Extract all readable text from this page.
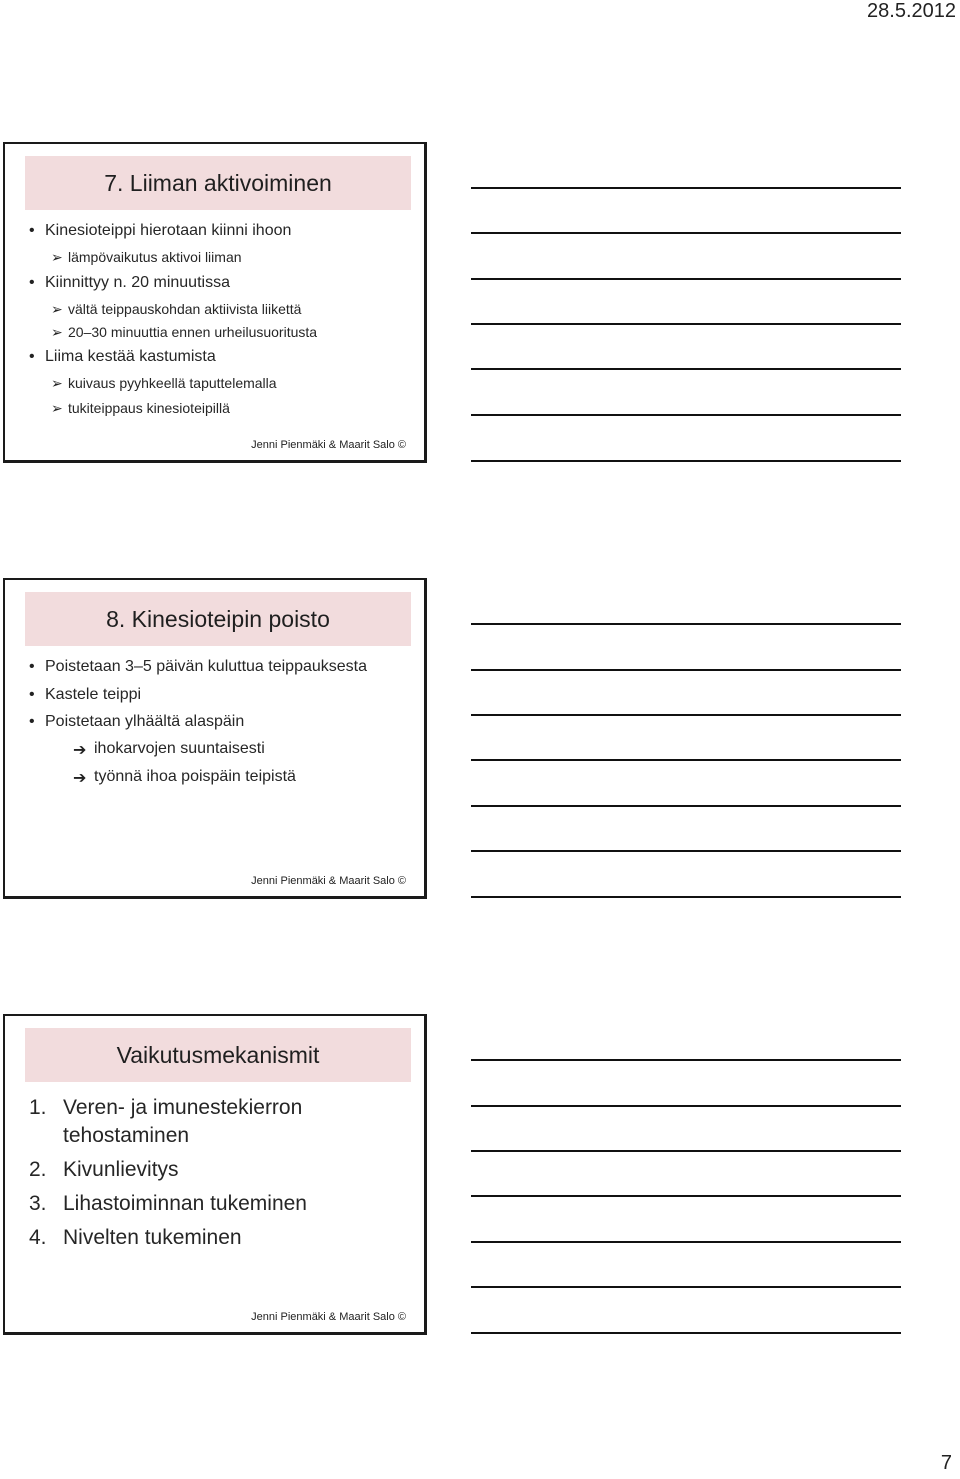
28.5.2012
7. Liiman aktivoiminen
• Kinesioteippi hierotaan kiinni ihoon
➢ lämpövaikutus aktivoi liiman
• Kiinnittyy n. 20 minuutissa
➢ vältä teippauskohdan aktiivista liikettä
➢ 20–30 minuuttia ennen urheilusuoritusta
• Liima kestää kastumista
➢ kuivaus pyyhkeellä taputtelemalla
➢ tukiteippaus kinesioteipillä
Jenni Pienmäki & Maarit Salo ©
8. Kinesioteipin poisto
• Poistetaan 3–5 päivän kuluttua teippauksesta
• Kastele teippi
• Poistetaan ylhäältä alaspäin
➔ ihokarvojen suuntaisesti
➔ työnnä ihoa poispäin teipistä
Jenni Pienmäki & Maarit Salo ©
Vaikutusmekanismit
1. Veren- ja imunestekierron
tehostaminen
2. Kivunlievitys
3. Lihastoiminnan tukeminen
4. Nivelten tukeminen
Jenni Pienmäki & Maarit Salo ©
7
